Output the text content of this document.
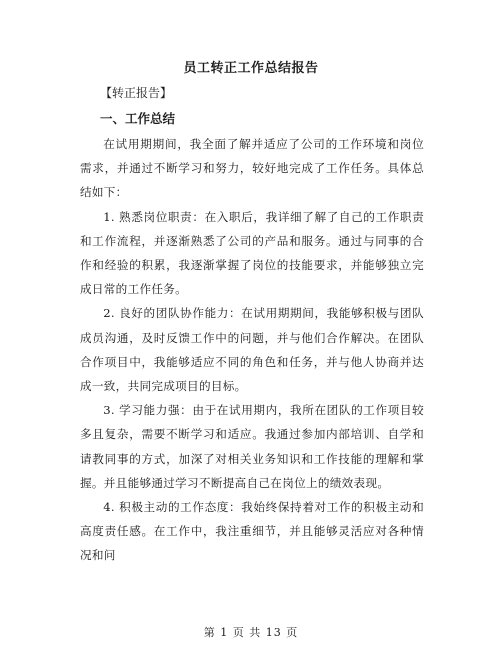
员工转正工作总结报告
【转正报告】
一、工作总结

在试用期期间，我全面了解并适应了公司的工作环境和岗位需求，并通过不断学习和努力，较好地完成了工作任务。具体总结如下：

1. 熟悉岗位职责：在入职后，我详细了解了自己的工作职责和工作流程，并逐渐熟悉了公司的产品和服务。通过与同事的合作和经验的积累，我逐渐掌握了岗位的技能要求，并能够独立完成日常的工作任务。

2. 良好的团队协作能力：在试用期期间，我能够积极与团队成员沟通，及时反馈工作中的问题，并与他们合作解决。在团队合作项目中，我能够适应不同的角色和任务，并与他人协商并达成一致，共同完成项目的目标。

3. 学习能力强：由于在试用期内，我所在团队的工作项目较多且复杂，需要不断学习和适应。我通过参加内部培训、自学和请教同事的方式，加深了对相关业务知识和工作技能的理解和掌握。并且能够通过学习不断提高自己在岗位上的绩效表现。

4. 积极主动的工作态度：我始终保持着对工作的积极主动和高度责任感。在工作中，我注重细节，并且能够灵活应对各种情况和问

第 1 页 共 13 页
